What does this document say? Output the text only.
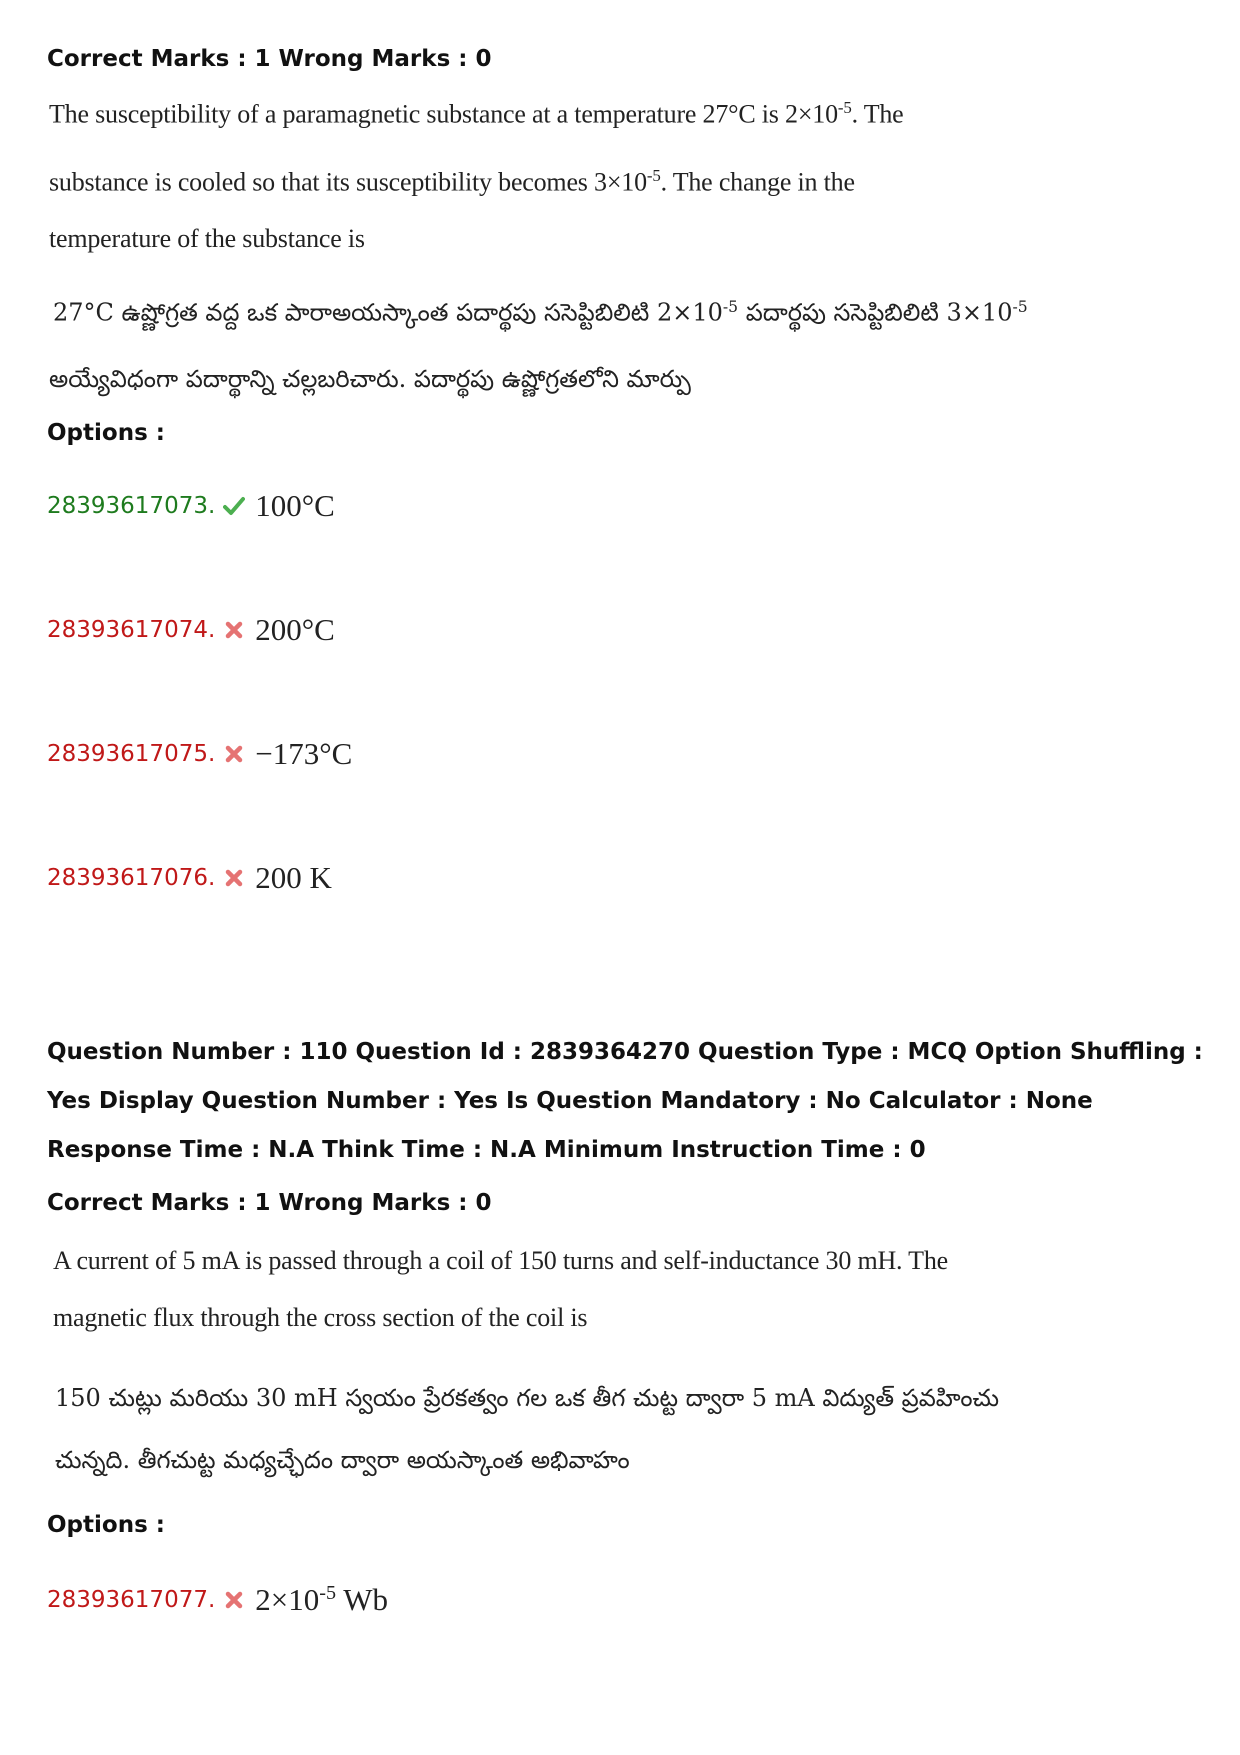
Correct Marks : 1 Wrong Marks : 0
The susceptibility of a paramagnetic substance at a temperature 27°C is $2\times 10^{-5}$. The
substance is cooled so that its susceptibility becomes $3\times 10^{-5}$. The change in the
temperature of the substance is
27°C ఉష్ణోగ్రత వద్ద ఒక పారాఅయస్కాంత పదార్థపు ససెప్టిబిలిటి $2\times 10^{-5}$ పదార్థపు ససెప్టిబిలిటి $3\times 10^{-5}$
అయ్యేవిధంగా పదార్థాన్ని చల్లబరిచారు. పదార్థపు ఉష్ణోగ్రతలోని మార్పు
Options :
28393617073. 100°C
28393617074. 200°C
28393617075. −173°C
28393617076. 200 K
Question Number : 110 Question Id : 2839364270 Question Type : MCQ Option Shuffling : Yes Display Question Number : Yes Is Question Mandatory : No Calculator : None Response Time : N.A Think Time : N.A Minimum Instruction Time : 0
Correct Marks : 1 Wrong Marks : 0
A current of 5 mA is passed through a coil of 150 turns and self-inductance 30 mH. The
magnetic flux through the cross section of the coil is
150 చుట్లు మరియు 30 mH స్వయం ప్రేరకత్వం గల ఒక తీగ చుట్ట ద్వారా 5 mA విద్యుత్ ప్రవహించు
చున్నది. తీగచుట్ట మధ్యచ్ఛేదం ద్వారా అయస్కాంత అభివాహం
Options :
28393617077. $2\times 10^{-5}$ Wb
